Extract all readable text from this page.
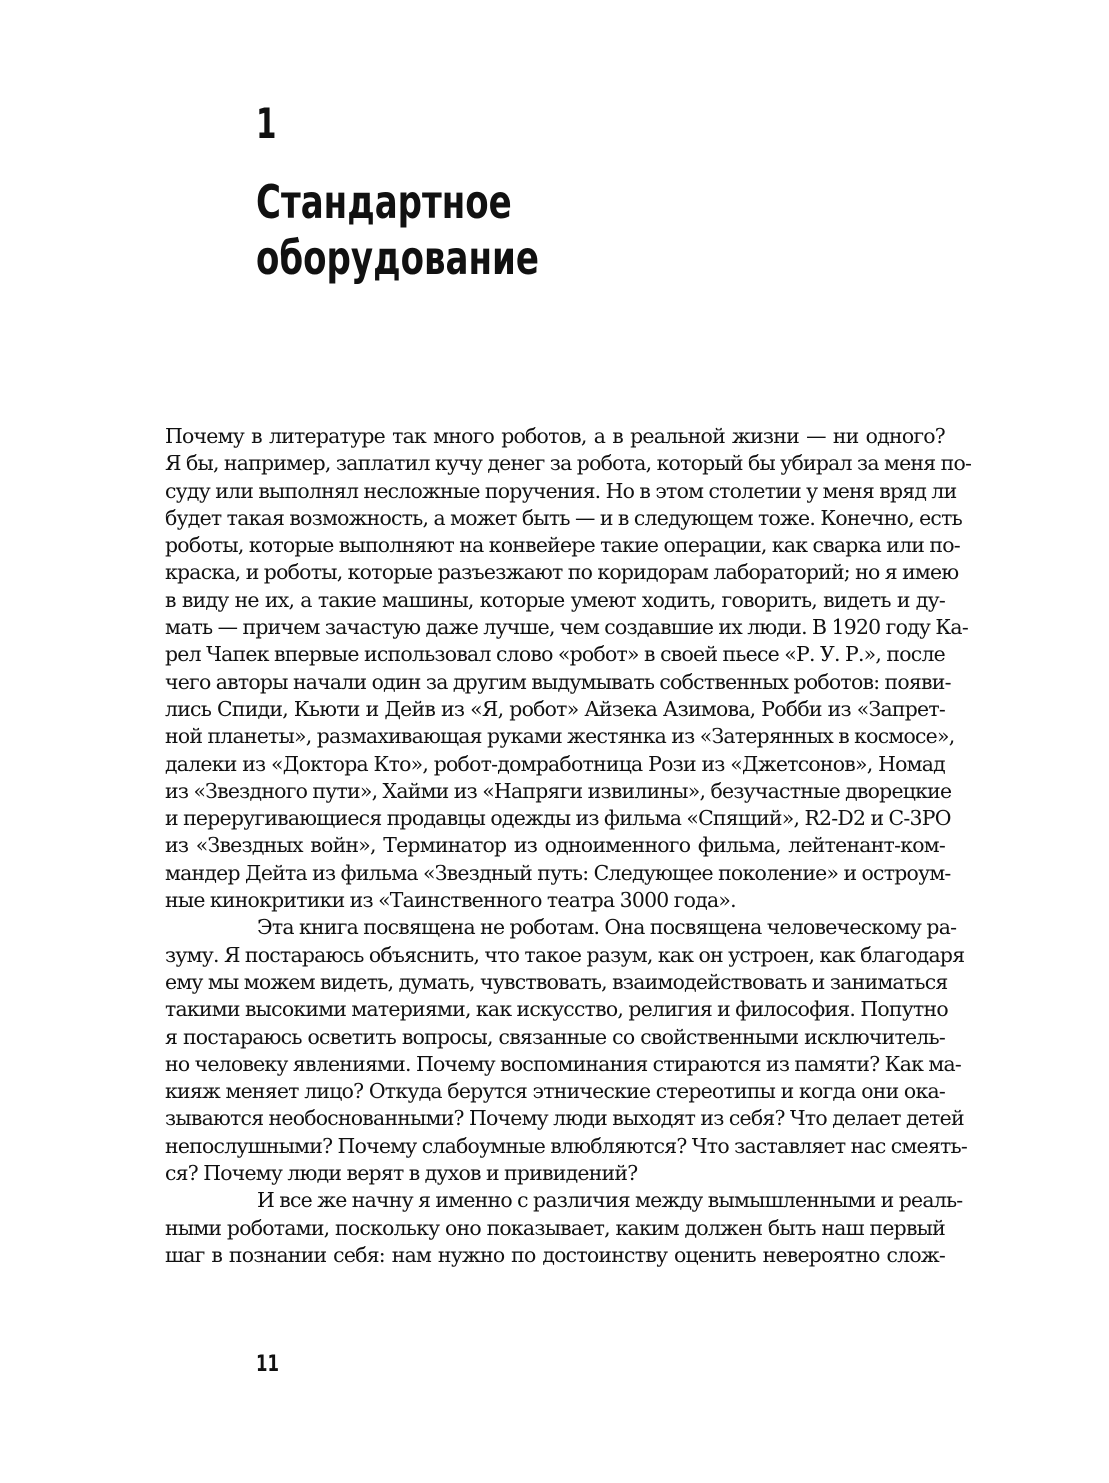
1
Стандартное
оборудование
Почему в литературе так много роботов, а в реальной жизни — ни одного?
Я бы, например, заплатил кучу денег за робота, который бы убирал за меня по-
суду или выполнял несложные поручения. Но в этом столетии у меня вряд ли
будет такая возможность, а может быть — и в следующем тоже. Конечно, есть
роботы, которые выполняют на конвейере такие операции, как сварка или по-
краска, и роботы, которые разъезжают по коридорам лабораторий; но я имею
в виду не их, а такие машины, которые умеют ходить, говорить, видеть и ду-
мать — причем зачастую даже лучше, чем создавшие их люди. В 1920 году Ка-
рел Чапек впервые использовал слово «робот» в своей пьесе «Р. У. Р.», после
чего авторы начали один за другим выдумывать собственных роботов: появи-
лись Спиди, Кьюти и Дейв из «Я, робот» Айзека Азимова, Робби из «Запрет-
ной планеты», размахивающая руками жестянка из «Затерянных в космосе»,
далеки из «Доктора Кто», робот-домработница Рози из «Джетсонов», Номад
из «Звездного пути», Хайми из «Напряги извилины», безучастные дворецкие
и переругивающиеся продавцы одежды из фильма «Спящий», R2-D2 и C-3PO
из «Звездных войн», Терминатор из одноименного фильма, лейтенант-ком-
мандер Дейта из фильма «Звездный путь: Следующее поколение» и остроум-
ные кинокритики из «Таинственного театра 3000 года».
Эта книга посвящена не роботам. Она посвящена человеческому ра-
зуму. Я постараюсь объяснить, что такое разум, как он устроен, как благодаря
ему мы можем видеть, думать, чувствовать, взаимодействовать и заниматься
такими высокими материями, как искусство, религия и философия. Попутно
я постараюсь осветить вопросы, связанные со свойственными исключитель-
но человеку явлениями. Почему воспоминания стираются из памяти? Как ма-
кияж меняет лицо? Откуда берутся этнические стереотипы и когда они ока-
зываются необоснованными? Почему люди выходят из себя? Что делает детей
непослушными? Почему слабоумные влюбляются? Что заставляет нас смеять-
ся? Почему люди верят в духов и привидений?
И все же начну я именно с различия между вымышленными и реаль-
ными роботами, поскольку оно показывает, каким должен быть наш первый
шаг в познании себя: нам нужно по достоинству оценить невероятно слож-
11
